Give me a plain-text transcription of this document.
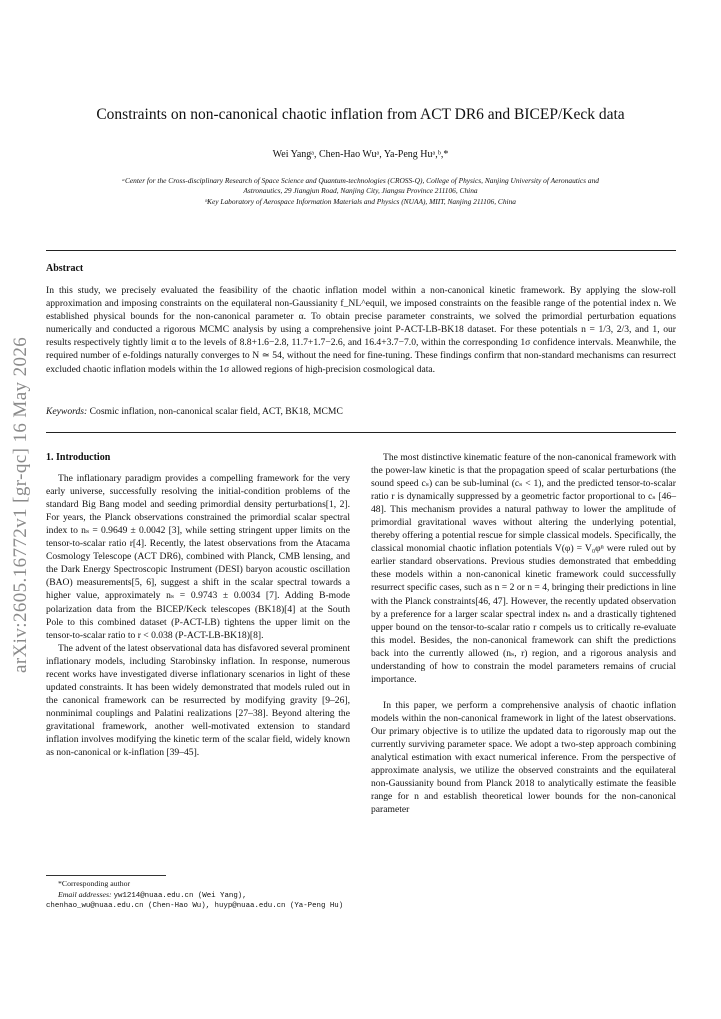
Constraints on non-canonical chaotic inflation from ACT DR6 and BICEP/Keck data
Wei Yangᵃ, Chen-Hao Wuᵃ, Ya-Peng Huᵃ,ᵇ,*
ᵃCenter for the Cross-disciplinary Research of Space Science and Quantum-technologies (CROSS-Q), College of Physics, Nanjing University of Aeronautics and
Astronautics, 29 Jiangjun Road, Nanjing City, Jiangsu Province 211106, China
ᵇKey Laboratory of Aerospace Information Materials and Physics (NUAA), MIIT, Nanjing 211106, China
Abstract
In this study, we precisely evaluated the feasibility of the chaotic inflation model within a non-canonical kinetic framework. By applying the slow-roll approximation and imposing constraints on the equilateral non-Gaussianity f_NL^equil, we imposed constraints on the feasible range of the potential index n. We established physical bounds for the non-canonical parameter α. To obtain precise parameter constraints, we solved the primordial perturbation equations numerically and conducted a rigorous MCMC analysis by using a comprehensive joint P-ACT-LB-BK18 dataset. For these potentials n = 1/3, 2/3, and 1, our results respectively tightly limit α to the levels of 8.8+1.6−2.8, 11.7+1.7−2.6, and 16.4+3.7−7.0, within the corresponding 1σ confidence intervals. Meanwhile, the required number of e-foldings naturally converges to N ≃ 54, without the need for fine-tuning. These findings confirm that non-standard mechanisms can resurrect excluded chaotic inflation models within the 1σ allowed regions of high-precision cosmological data.
Keywords: Cosmic inflation, non-canonical scalar field, ACT, BK18, MCMC
arXiv:2605.16772v1 [gr-qc] 16 May 2026	1. Introduction

The inflationary paradigm provides a compelling framework for the very early universe, successfully resolving the initial-condition problems of the standard Big Bang model and seeding primordial density perturbations[1, 2]. For years, the Planck observations constrained the primordial scalar spectral index to nₛ = 0.9649 ± 0.0042 [3], while setting stringent upper limits on the tensor-to-scalar ratio r[4]. Recently, the latest observations from the Atacama Cosmology Telescope (ACT DR6), combined with Planck, CMB lensing, and the Dark Energy Spectroscopic Instrument (DESI) baryon acoustic oscillation (BAO) measurements[5, 6], suggest a shift in the scalar spectral towards a higher value, approximately nₛ = 0.9743 ± 0.0034 [7]. Adding B-mode polarization data from the BICEP/Keck telescopes (BK18)[4] at the South Pole to this combined dataset (P-ACT-LB) tightens the upper limit on the tensor-to-scalar ratio to r < 0.038 (P-ACT-LB-BK18)[8].

The advent of the latest observational data has disfavored several prominent inflationary models, including Starobinsky inflation. In response, numerous recent works have investigated diverse inflationary scenarios in light of these updated constraints. It has been widely demonstrated that models ruled out in the canonical framework can be resurrected by modifying gravity [9–26], nonminimal couplings and Palatini realizations [27–38]. Beyond altering the gravitational framework, another well-motivated extension to standard inflation involves modifying the kinetic term of the scalar field, widely known as non-canonical or k-inflation [39–45].

*Corresponding author
Email addresses: yw1214@nuaa.edu.cn (Wei Yang),
chenhao_wu@nuaa.edu.cn (Chen-Hao Wu), huyp@nuaa.edu.cn (Ya-Peng Hu)

The most distinctive kinematic feature of the non-canonical framework with the power-law kinetic is that the propagation speed of scalar perturbations (the sound speed cₛ) can be sub-luminal (cₛ < 1), and the predicted tensor-to-scalar ratio r is dynamically suppressed by a geometric factor proportional to cₛ [46–48]. This mechanism provides a natural pathway to lower the amplitude of primordial gravitational waves without altering the underlying potential, thereby offering a potential rescue for simple classical models. Specifically, the classical monomial chaotic inflation potentials V(φ) = V₀φⁿ were ruled out by earlier standard observations. Previous studies demonstrated that embedding these models within a non-canonical kinetic framework could successfully resurrect specific cases, such as n = 2 or n = 4, bringing their predictions in line with the Planck constraints[46, 47]. However, the recently updated observation by a preference for a larger scalar spectral index nₛ and a drastically tightened upper bound on the tensor-to-scalar ratio r compels us to critically re-evaluate this model. Besides, the non-canonical framework can shift the predictions back into the currently allowed (nₛ, r) region, and a rigorous analysis and understanding of how to constrain the model parameters remains of crucial importance.

In this paper, we perform a comprehensive analysis of chaotic inflation models within the non-canonical framework in light of the latest observations. Our primary objective is to utilize the updated data to rigorously map out the currently surviving parameter space. We adopt a two-step approach combining analytical estimation with exact numerical inference. From the perspective of approximate analysis, we utilize the observed constraints and the equilateral non-Gaussianity bound from Planck 2018 to analytically estimate the feasible range for n and establish theoretical lower bounds for the non-canonical parameter
